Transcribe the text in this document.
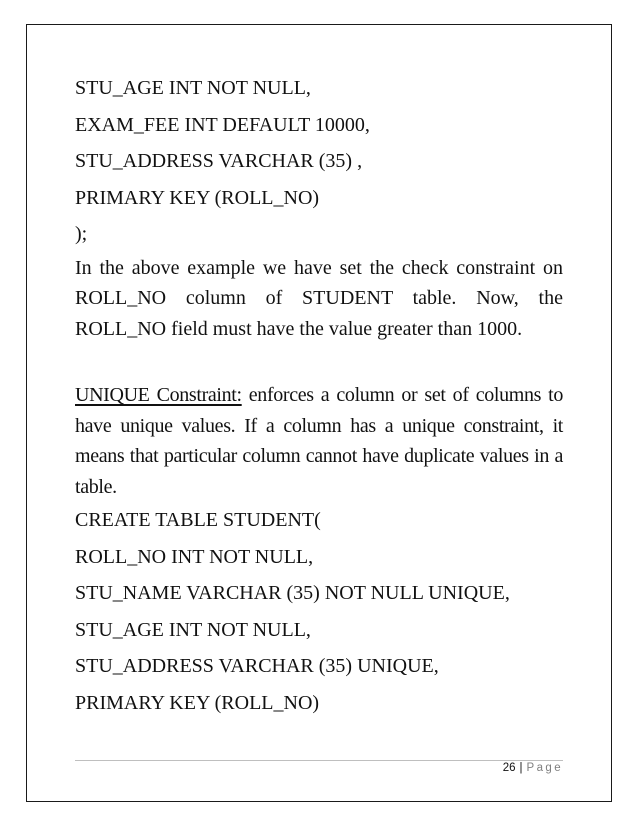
STU_AGE INT NOT NULL,
EXAM_FEE INT DEFAULT 10000,
STU_ADDRESS VARCHAR (35) ,
PRIMARY KEY (ROLL_NO)
);

In the above example we have set the check constraint on ROLL_NO column of STUDENT table. Now, the ROLL_NO field must have the value greater than 1000.

UNIQUE Constraint: enforces a column or set of columns to have unique values. If a column has a unique constraint, it means that particular column cannot have duplicate values in a table.

CREATE TABLE STUDENT(
ROLL_NO INT NOT NULL,
STU_NAME VARCHAR (35) NOT NULL UNIQUE,
STU_AGE INT NOT NULL,
STU_ADDRESS VARCHAR (35) UNIQUE,
PRIMARY KEY (ROLL_NO)
26 | Page
